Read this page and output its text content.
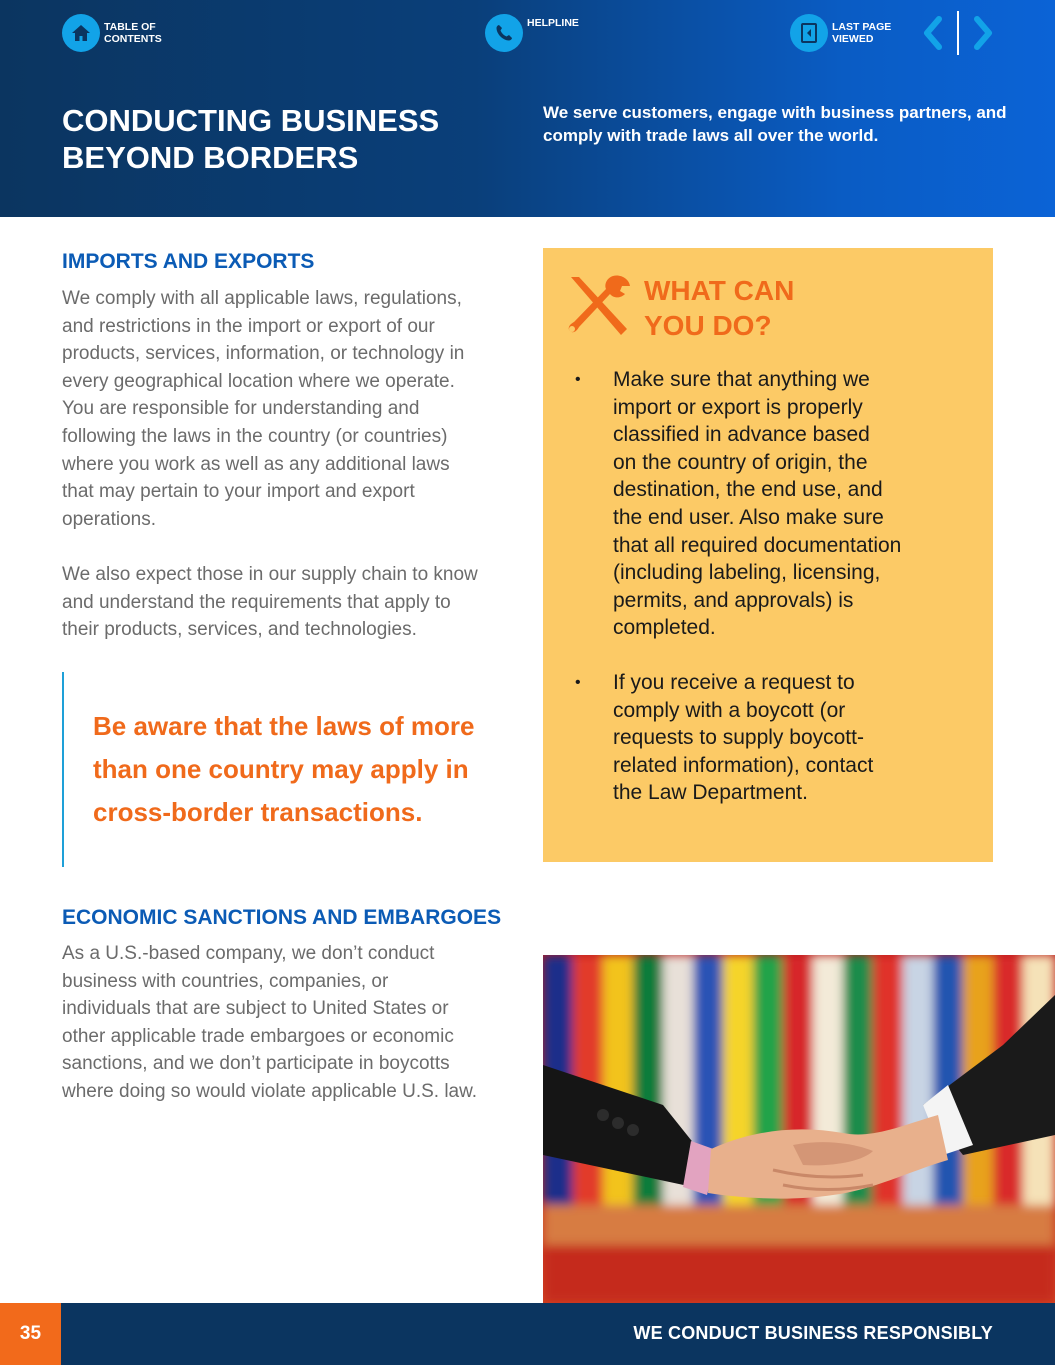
TABLE OF CONTENTS
HELPLINE	LAST PAGE VIEWED
CONDUCTING BUSINESS
BEYOND BORDERS

We serve customers, engage with business partners, and comply with trade laws all over the world.

IMPORTS AND EXPORTS
We comply with all applicable laws, regulations,
and restrictions in the import or export of our
products, services, information, or technology in
every geographical location where we operate.
You are responsible for understanding and
following the laws in the country (or countries)
where you work as well as any additional laws
that may pertain to your import and export
operations.
We also expect those in our supply chain to know
and understand the requirements that apply to
their products, services, and technologies.
Be aware that the laws of more
than one country may apply in
cross-border transactions.
WHAT CAN
YOU DO?
• Make sure that anything we
import or export is properly
classified in advance based
on the country of origin, the
destination, the end use, and
the end user. Also make sure
that all required documentation
(including labeling, licensing,
permits, and approvals) is
completed.
• If you receive a request to
comply with a boycott (or
requests to supply boycott-
related information), contact
the Law Department.
ECONOMIC SANCTIONS AND EMBARGOES
As a U.S.-based company, we don’t conduct
business with countries, companies, or
individuals that are subject to United States or
other applicable trade embargoes or economic
sanctions, and we don’t participate in boycotts
where doing so would violate applicable U.S. law.
35	WE CONDUCT BUSINESS RESPONSIBLY
